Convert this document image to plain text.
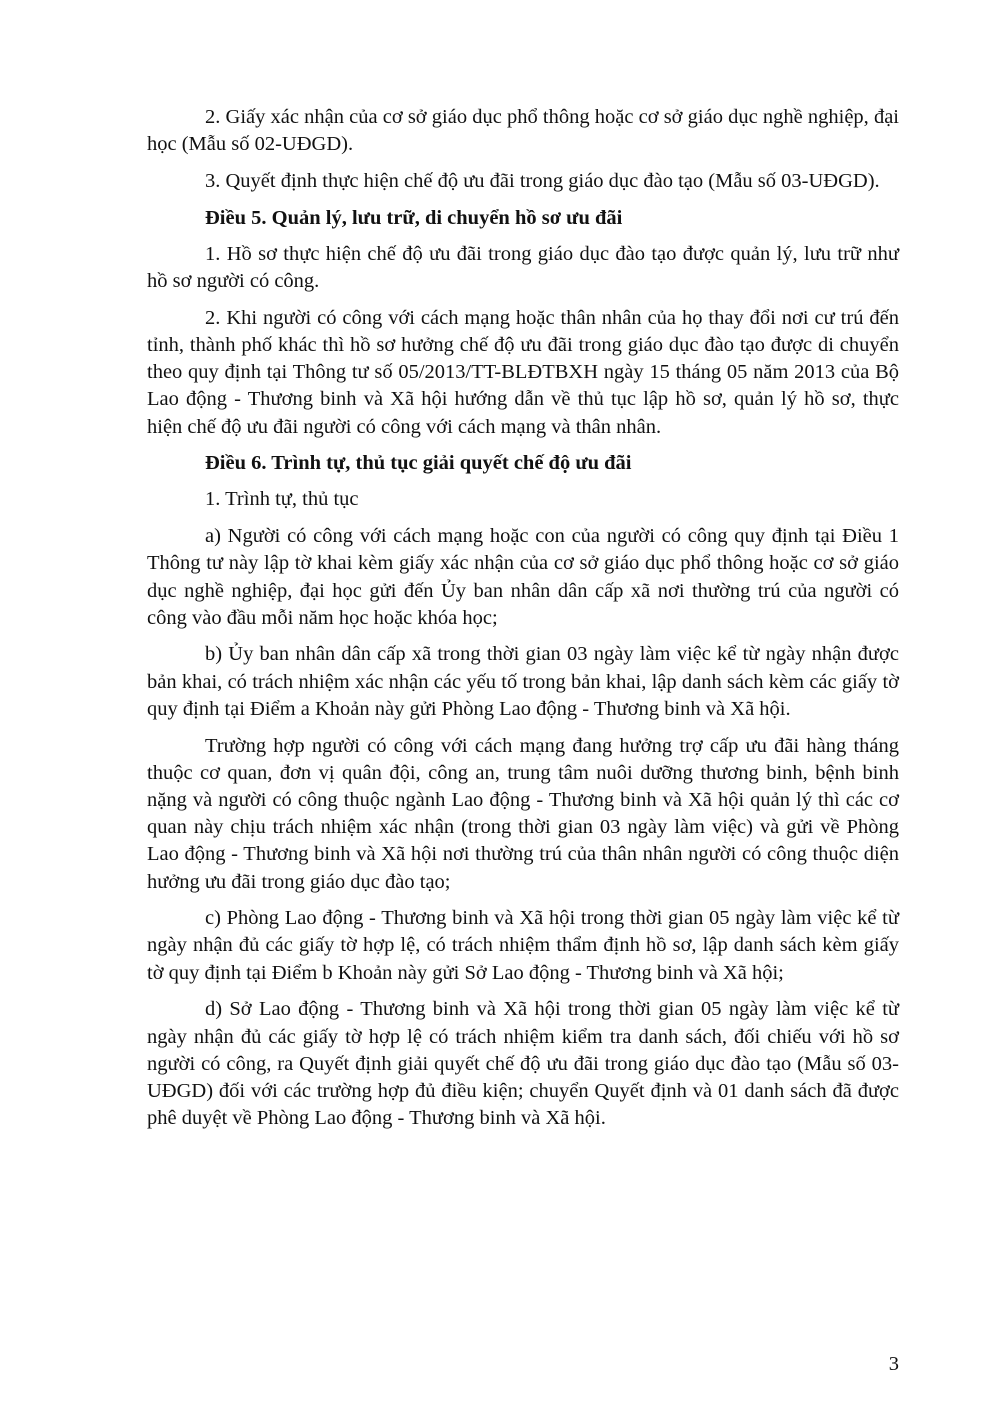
2. Giấy xác nhận của cơ sở giáo dục phổ thông hoặc cơ sở giáo dục nghề nghiệp, đại học (Mẫu số 02-UĐGD).

3. Quyết định thực hiện chế độ ưu đãi trong giáo dục đào tạo (Mẫu số 03-UĐGD).

Điều 5. Quản lý, lưu trữ, di chuyển hồ sơ ưu đãi

1. Hồ sơ thực hiện chế độ ưu đãi trong giáo dục đào tạo được quản lý, lưu trữ như hồ sơ người có công.

2. Khi người có công với cách mạng hoặc thân nhân của họ thay đổi nơi cư trú đến tỉnh, thành phố khác thì hồ sơ hưởng chế độ ưu đãi trong giáo dục đào tạo được di chuyển theo quy định tại Thông tư số 05/2013/TT-BLĐTBXH ngày 15 tháng 05 năm 2013 của Bộ Lao động - Thương binh và Xã hội hướng dẫn về thủ tục lập hồ sơ, quản lý hồ sơ, thực hiện chế độ ưu đãi người có công với cách mạng và thân nhân.

Điều 6. Trình tự, thủ tục giải quyết chế độ ưu đãi

1. Trình tự, thủ tục

a) Người có công với cách mạng hoặc con của người có công quy định tại Điều 1 Thông tư này lập tờ khai kèm giấy xác nhận của cơ sở giáo dục phổ thông hoặc cơ sở giáo dục nghề nghiệp, đại học gửi đến Ủy ban nhân dân cấp xã nơi thường trú của người có công vào đầu mỗi năm học hoặc khóa học;

b) Ủy ban nhân dân cấp xã trong thời gian 03 ngày làm việc kể từ ngày nhận được bản khai, có trách nhiệm xác nhận các yếu tố trong bản khai, lập danh sách kèm các giấy tờ quy định tại Điểm a Khoản này gửi Phòng Lao động - Thương binh và Xã hội.

Trường hợp người có công với cách mạng đang hưởng trợ cấp ưu đãi hàng tháng thuộc cơ quan, đơn vị quân đội, công an, trung tâm nuôi dưỡng thương binh, bệnh binh nặng và người có công thuộc ngành Lao động - Thương binh và Xã hội quản lý thì các cơ quan này chịu trách nhiệm xác nhận (trong thời gian 03 ngày làm việc) và gửi về Phòng Lao động - Thương binh và Xã hội nơi thường trú của thân nhân người có công thuộc diện hưởng ưu đãi trong giáo dục đào tạo;

c) Phòng Lao động - Thương binh và Xã hội trong thời gian 05 ngày làm việc kể từ ngày nhận đủ các giấy tờ hợp lệ, có trách nhiệm thẩm định hồ sơ, lập danh sách kèm giấy tờ quy định tại Điểm b Khoản này gửi Sở Lao động - Thương binh và Xã hội;

d) Sở Lao động - Thương binh và Xã hội trong thời gian 05 ngày làm việc kể từ ngày nhận đủ các giấy tờ hợp lệ có trách nhiệm kiểm tra danh sách, đối chiếu với hồ sơ người có công, ra Quyết định giải quyết chế độ ưu đãi trong giáo dục đào tạo (Mẫu số 03-UĐGD) đối với các trường hợp đủ điều kiện; chuyển Quyết định và 01 danh sách đã được phê duyệt về Phòng Lao động - Thương binh và Xã hội.

3
